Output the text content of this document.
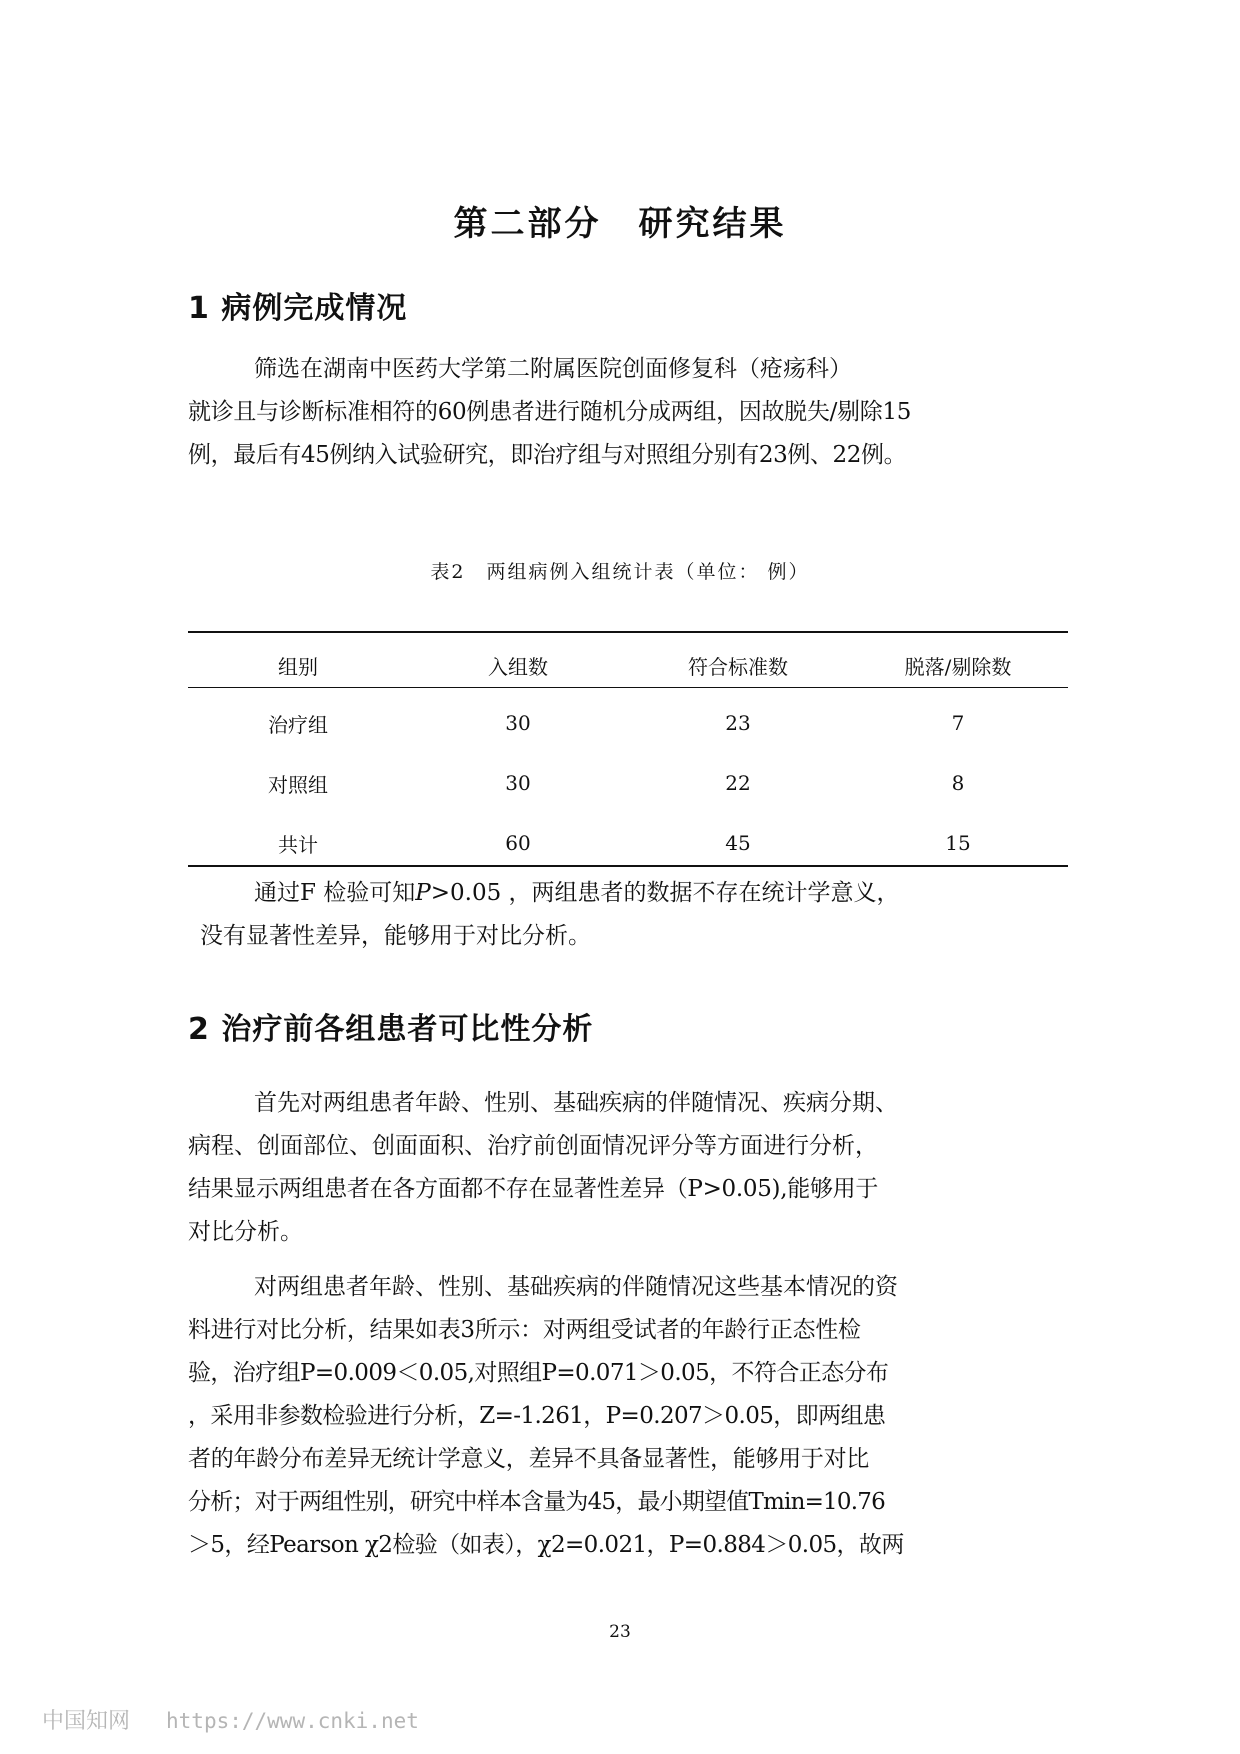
第二部分　研究结果
1 病例完成情况

筛选在湖南中医药大学第二附属医院创面修复科（疮疡科）
就诊且与诊断标准相符的60例患者进行随机分成两组，因故脱失/剔除15
例，最后有45例纳入试验研究，即治疗组与对照组分别有23例、22例。

表2　两组病例入组统计表（单位： 例）

组别	入组数	符合标准数	脱落/剔除数
治疗组	30	23	7
对照组	30	22	8
共计	60	45	15

通过F 检验可知P>0.05 ，两组患者的数据不存在统计学意义，
没有显著性差异，能够用于对比分析。

2 治疗前各组患者可比性分析

首先对两组患者年龄、性别、基础疾病的伴随情况、疾病分期、
病程、创面部位、创面面积、治疗前创面情况评分等方面进行分析，
结果显示两组患者在各方面都不存在显著性差异（P>0.05),能够用于
对比分析。

对两组患者年龄、性别、基础疾病的伴随情况这些基本情况的资
料进行对比分析，结果如表3所示：对两组受试者的年龄行正态性检
验，治疗组P=0.009＜0.05,对照组P=0.071＞0.05，不符合正态分布
，采用非参数检验进行分析，Z=-1.261，P=0.207＞0.05，即两组患
者的年龄分布差异无统计学意义，差异不具备显著性，能够用于对比
分析；对于两组性别，研究中样本含量为45，最小期望值Tmin=10.76
＞5，经Pearson χ2检验（如表），χ2=0.021，P=0.884＞0.05，故两

23

中国知网 https://www.cnki.net
